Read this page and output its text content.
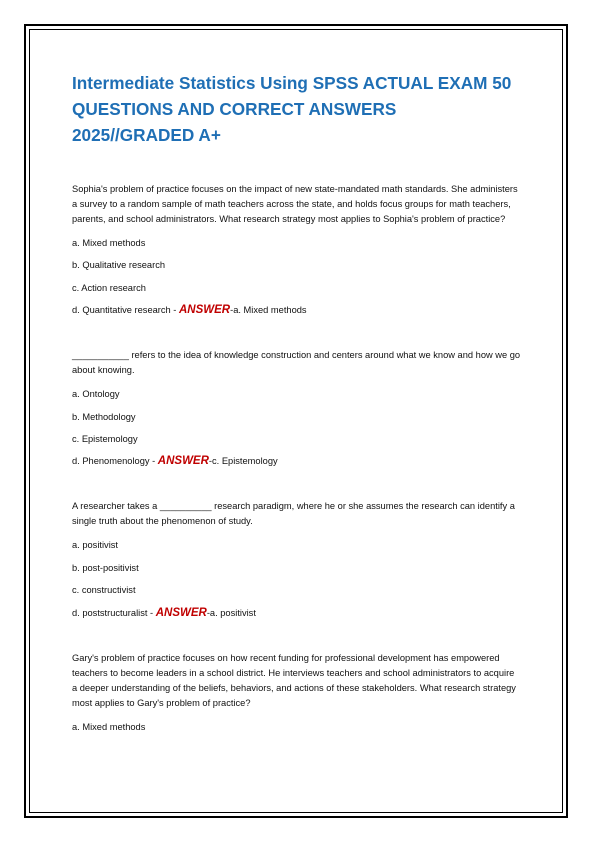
Intermediate Statistics Using SPSS ACTUAL EXAM 50 QUESTIONS AND CORRECT ANSWERS 2025//GRADED A+

Sophia's problem of practice focuses on the impact of new state-mandated math standards. She administers a survey to a random sample of math teachers across the state, and holds focus groups for math teachers, parents, and school administrators. What research strategy most applies to Sophia's problem of practice?

a. Mixed methods

b. Qualitative research

c. Action research

d. Quantitative research - ANSWER-a. Mixed methods

___________ refers to the idea of knowledge construction and centers around what we know and how we go about knowing.

a. Ontology

b. Methodology

c. Epistemology

d. Phenomenology - ANSWER-c. Epistemology

A researcher takes a __________ research paradigm, where he or she assumes the research can identify a single truth about the phenomenon of study.

a. positivist

b. post-positivist

c. constructivist

d. poststructuralist - ANSWER-a. positivist

Gary's problem of practice focuses on how recent funding for professional development has empowered teachers to become leaders in a school district. He interviews teachers and school administrators to acquire a deeper understanding of the beliefs, behaviors, and actions of these stakeholders. What research strategy most applies to Gary's problem of practice?

a. Mixed methods
